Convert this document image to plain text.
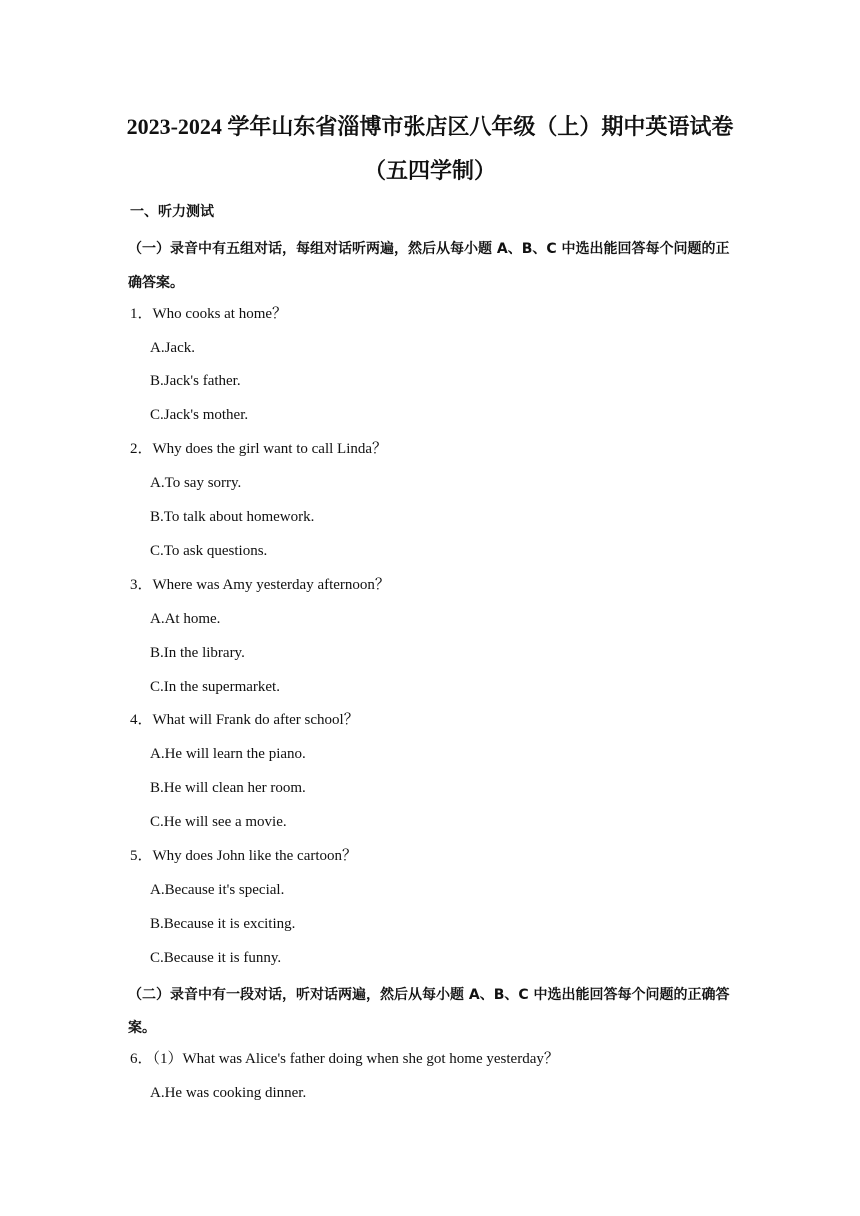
2023-2024 学年山东省淄博市张店区八年级（上）期中英语试卷
（五四学制）
一、听力测试
（一）录音中有五组对话，每组对话听两遍，然后从每小题 A、B、C 中选出能回答每个问题的正确答案。
1．Who cooks at home？
A.Jack.
B.Jack's father.
C.Jack's mother.
2．Why does the girl want to call Linda？
A.To say sorry.
B.To talk about homework.
C.To ask questions.
3．Where was Amy yesterday afternoon？
A.At home.
B.In the library.
C.In the supermarket.
4．What will Frank do after school？
A.He will learn the piano.
B.He will clean her room.
C.He will see a movie.
5．Why does John like the cartoon？
A.Because it's special.
B.Because it is exciting.
C.Because it is funny.
（二）录音中有一段对话，听对话两遍，然后从每小题 A、B、C 中选出能回答每个问题的正确答案。
6．（1）What was Alice's father doing when she got home yesterday？
A.He was cooking dinner.
